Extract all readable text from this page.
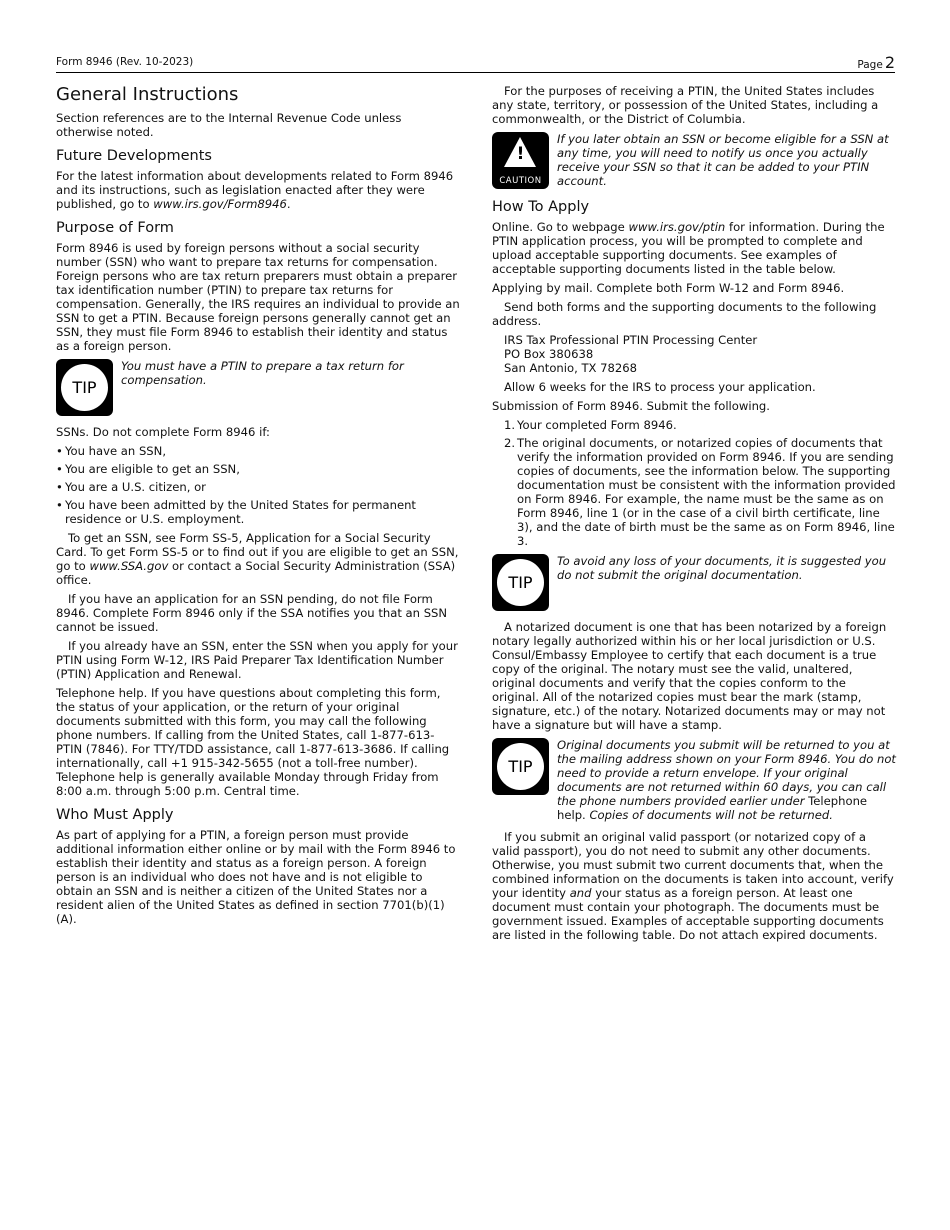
Form 8946 (Rev. 10-2023)	Page 2
General Instructions

Section references are to the Internal Revenue Code unless otherwise noted.

Future Developments

For the latest information about developments related to Form 8946 and its instructions, such as legislation enacted after they were published, go to www.irs.gov/Form8946.

Purpose of Form

Form 8946 is used by foreign persons without a social security number (SSN) who want to prepare tax returns for compensation. Foreign persons who are tax return preparers must obtain a preparer tax identification number (PTIN) to prepare tax returns for compensation. Generally, the IRS requires an individual to provide an SSN to get a PTIN. Because foreign persons generally cannot get an SSN, they must file Form 8946 to establish their identity and status as a foreign person.

TIP
You must have a PTIN to prepare a tax return for compensation.

SSNs. Do not complete Form 8946 if:

• You have an SSN,
• You are eligible to get an SSN,
• You are a U.S. citizen, or
• You have been admitted by the United States for permanent residence or U.S. employment.

To get an SSN, see Form SS-5, Application for a Social Security Card. To get Form SS-5 or to find out if you are eligible to get an SSN, go to www.SSA.gov or contact a Social Security Administration (SSA) office.

If you have an application for an SSN pending, do not file Form 8946. Complete Form 8946 only if the SSA notifies you that an SSN cannot be issued.

If you already have an SSN, enter the SSN when you apply for your PTIN using Form W-12, IRS Paid Preparer Tax Identification Number (PTIN) Application and Renewal.

Telephone help. If you have questions about completing this form, the status of your application, or the return of your original documents submitted with this form, you may call the following phone numbers. If calling from the United States, call 1-877-613-PTIN (7846). For TTY/TDD assistance, call 1-877-613-3686. If calling internationally, call +1 915-342-5655 (not a toll-free number). Telephone help is generally available Monday through Friday from 8:00 a.m. through 5:00 p.m. Central time.

Who Must Apply

As part of applying for a PTIN, a foreign person must provide additional information either online or by mail with the Form 8946 to establish their identity and status as a foreign person. A foreign person is an individual who does not have and is not eligible to obtain an SSN and is neither a citizen of the United States nor a resident alien of the United States as defined in section 7701(b)(1)(A).

For the purposes of receiving a PTIN, the United States includes any state, territory, or possession of the United States, including a commonwealth, or the District of Columbia.

!
CAUTION
If you later obtain an SSN or become eligible for a SSN at any time, you will need to notify us once you actually receive your SSN so that it can be added to your PTIN account.
How To Apply

Online. Go to webpage www.irs.gov/ptin for information. During the PTIN application process, you will be prompted to complete and upload acceptable supporting documents. See examples of acceptable supporting documents listed in the table below.

Applying by mail. Complete both Form W-12 and Form 8946.

Send both forms and the supporting documents to the following address.

IRS Tax Professional PTIN Processing Center
PO Box 380638
San Antonio, TX 78268

Allow 6 weeks for the IRS to process your application.

Submission of Form 8946. Submit the following.

1. Your completed Form 8946.
2. The original documents, or notarized copies of documents that verify the information provided on Form 8946. If you are sending copies of documents, see the information below. The supporting documentation must be consistent with the information provided on Form 8946. For example, the name must be the same as on Form 8946, line 1 (or in the case of a civil birth certificate, line 3), and the date of birth must be the same as on Form 8946, line 3.
TIP
To avoid any loss of your documents, it is suggested you do not submit the original documentation.

A notarized document is one that has been notarized by a foreign notary legally authorized within his or her local jurisdiction or U.S. Consul/Embassy Employee to certify that each document is a true copy of the original. The notary must see the valid, unaltered, original documents and verify that the copies conform to the original. All of the notarized copies must bear the mark (stamp, signature, etc.) of the notary. Notarized documents may or may not have a signature but will have a stamp.

TIP
Original documents you submit will be returned to you at the mailing address shown on your Form 8946. You do not need to provide a return envelope. If your original documents are not returned within 60 days, you can call the phone numbers provided earlier under Telephone help. Copies of documents will not be returned.

If you submit an original valid passport (or notarized copy of a valid passport), you do not need to submit any other documents. Otherwise, you must submit two current documents that, when the combined information on the documents is taken into account, verify your identity and your status as a foreign person. At least one document must contain your photograph. The documents must be government issued. Examples of acceptable supporting documents are listed in the following table. Do not attach expired documents.
